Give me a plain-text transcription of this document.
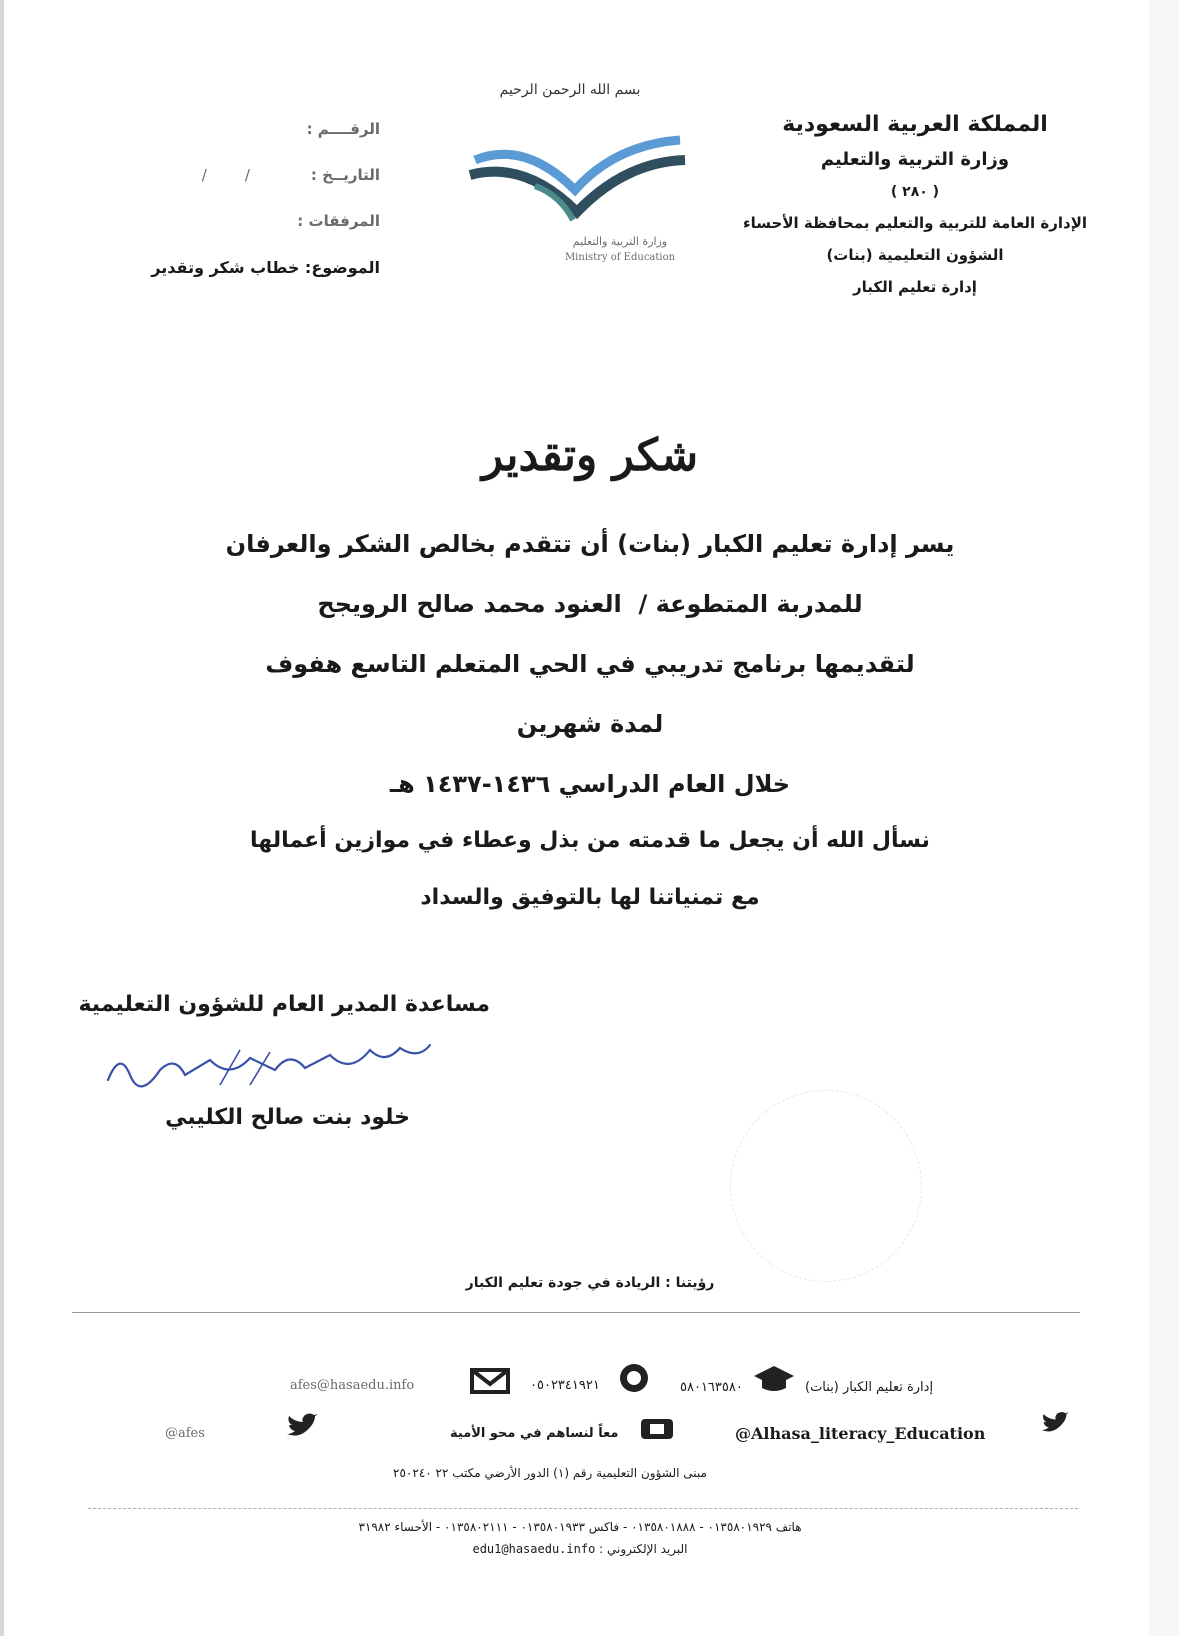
المملكة العربية السعودية
وزارة التربية والتعليم
( ٢٨٠ )
الإدارة العامة للتربية والتعليم بمحافظة الأحساء
الشؤون التعليمية (بنات)
إدارة تعليم الكبار
بسم الله الرحمن الرحيم
وزارة التربية والتعليم
Ministry of Education
الرقــــم :
التاريــخ :
/        /
المرفقات :
الموضوع: خطاب شكر وتقدير
شكر وتقدير
يسر إدارة تعليم الكبار (بنات) أن تتقدم بخالص الشكر والعرفان
للمدربة المتطوعة /  العنود محمد صالح الرويجح
لتقديمها برنامج تدريبي في الحي المتعلم التاسع هفوف
لمدة شهرين
خلال العام الدراسي ١٤٣٦-١٤٣٧ هـ
نسأل الله أن يجعل ما قدمته من بذل وعطاء في موازين أعمالها
مع تمنياتنا لها بالتوفيق والسداد
مساعدة المدير العام للشؤون التعليمية
خلود بنت صالح الكليبي
رؤيتنا : الريادة في جودة تعليم الكبار
afes@hasaedu.info	٠٥٠٢٣٤١٩٢١	٥٨٠١٦٣٥٨٠	إدارة تعليم الكبار (بنات)
@afes	معاً لنساهم في محو الأمية	@Alhasa_literacy_Education
مبنى الشؤون التعليمية رقم (١) الدور الأرضي مكتب ٢٢ ٢٥٠٢٤٠
هاتف ٠١٣٥٨٠١٩٢٩ - ٠١٣٥٨٠١٨٨٨ - فاكس ٠١٣٥٨٠١٩٣٣ - ٠١٣٥٨٠٢١١١ - الأحساء ٣١٩٨٢
البريد الإلكتروني : edu1@hasaedu.info
